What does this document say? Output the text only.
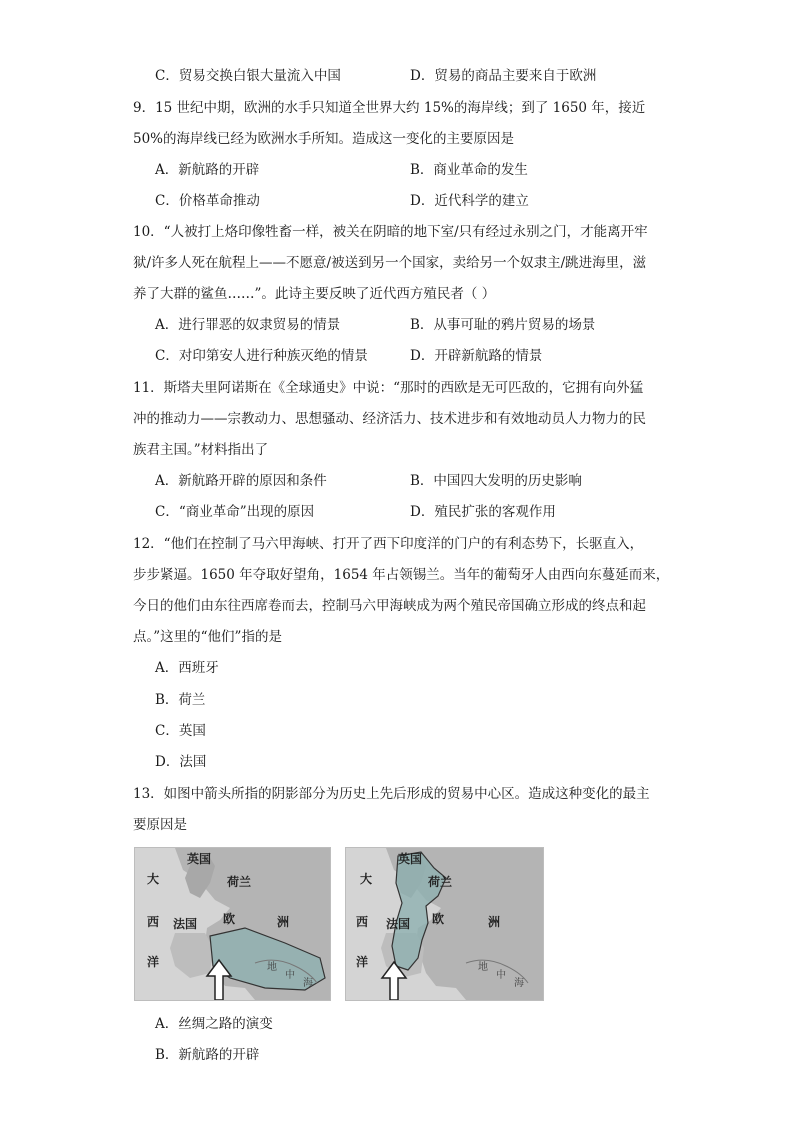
C．贸易交换白银大量流入中国	D．贸易的商品主要来自于欧洲
9．15 世纪中期，欧洲的水手只知道全世界大约 15%的海岸线；到了 1650 年，接近
50%的海岸线已经为欧洲水手所知。造成这一变化的主要原因是
A．新航路的开辟	B．商业革命的发生
C．价格革命推动	D．近代科学的建立
10．“人被打上烙印像牲畜一样，被关在阴暗的地下室/只有经过永别之门，才能离开牢
狱/许多人死在航程上——不愿意/被送到另一个国家，卖给另一个奴隶主/跳进海里，滋
养了大群的鲨鱼……”。此诗主要反映了近代西方殖民者（ ）
A．进行罪恶的奴隶贸易的情景	B．从事可耻的鸦片贸易的场景
C．对印第安人进行种族灭绝的情景	D．开辟新航路的情景
11．斯塔夫里阿诺斯在《全球通史》中说：“那时的西欧是无可匹敌的，它拥有向外猛
冲的推动力——宗教动力、思想骚动、经济活力、技术进步和有效地动员人力物力的民
族君主国。”材料指出了
A．新航路开辟的原因和条件	B．中国四大发明的历史影响
C．“商业革命”出现的原因	D．殖民扩张的客观作用
12．“他们在控制了马六甲海峡、打开了西下印度洋的门户的有利态势下，长驱直入，
步步紧逼。1650 年夺取好望角，1654 年占领锡兰。当年的葡萄牙人由西向东蔓延而来，
今日的他们由东往西席卷而去，控制马六甲海峡成为两个殖民帝国确立形成的终点和起
点。”这里的“他们”指的是
A．西班牙
B．荷兰
C．英国
D．法国
13．如图中箭头所指的阴影部分为历史上先后形成的贸易中心区。造成这种变化的最主
要原因是
英国
荷兰
法国 欧	洲
大
西
洋	地
中
海
英国
荷兰
法国 欧	洲
大
西
洋	地
中
海
A．丝绸之路的演变
B．新航路的开辟
